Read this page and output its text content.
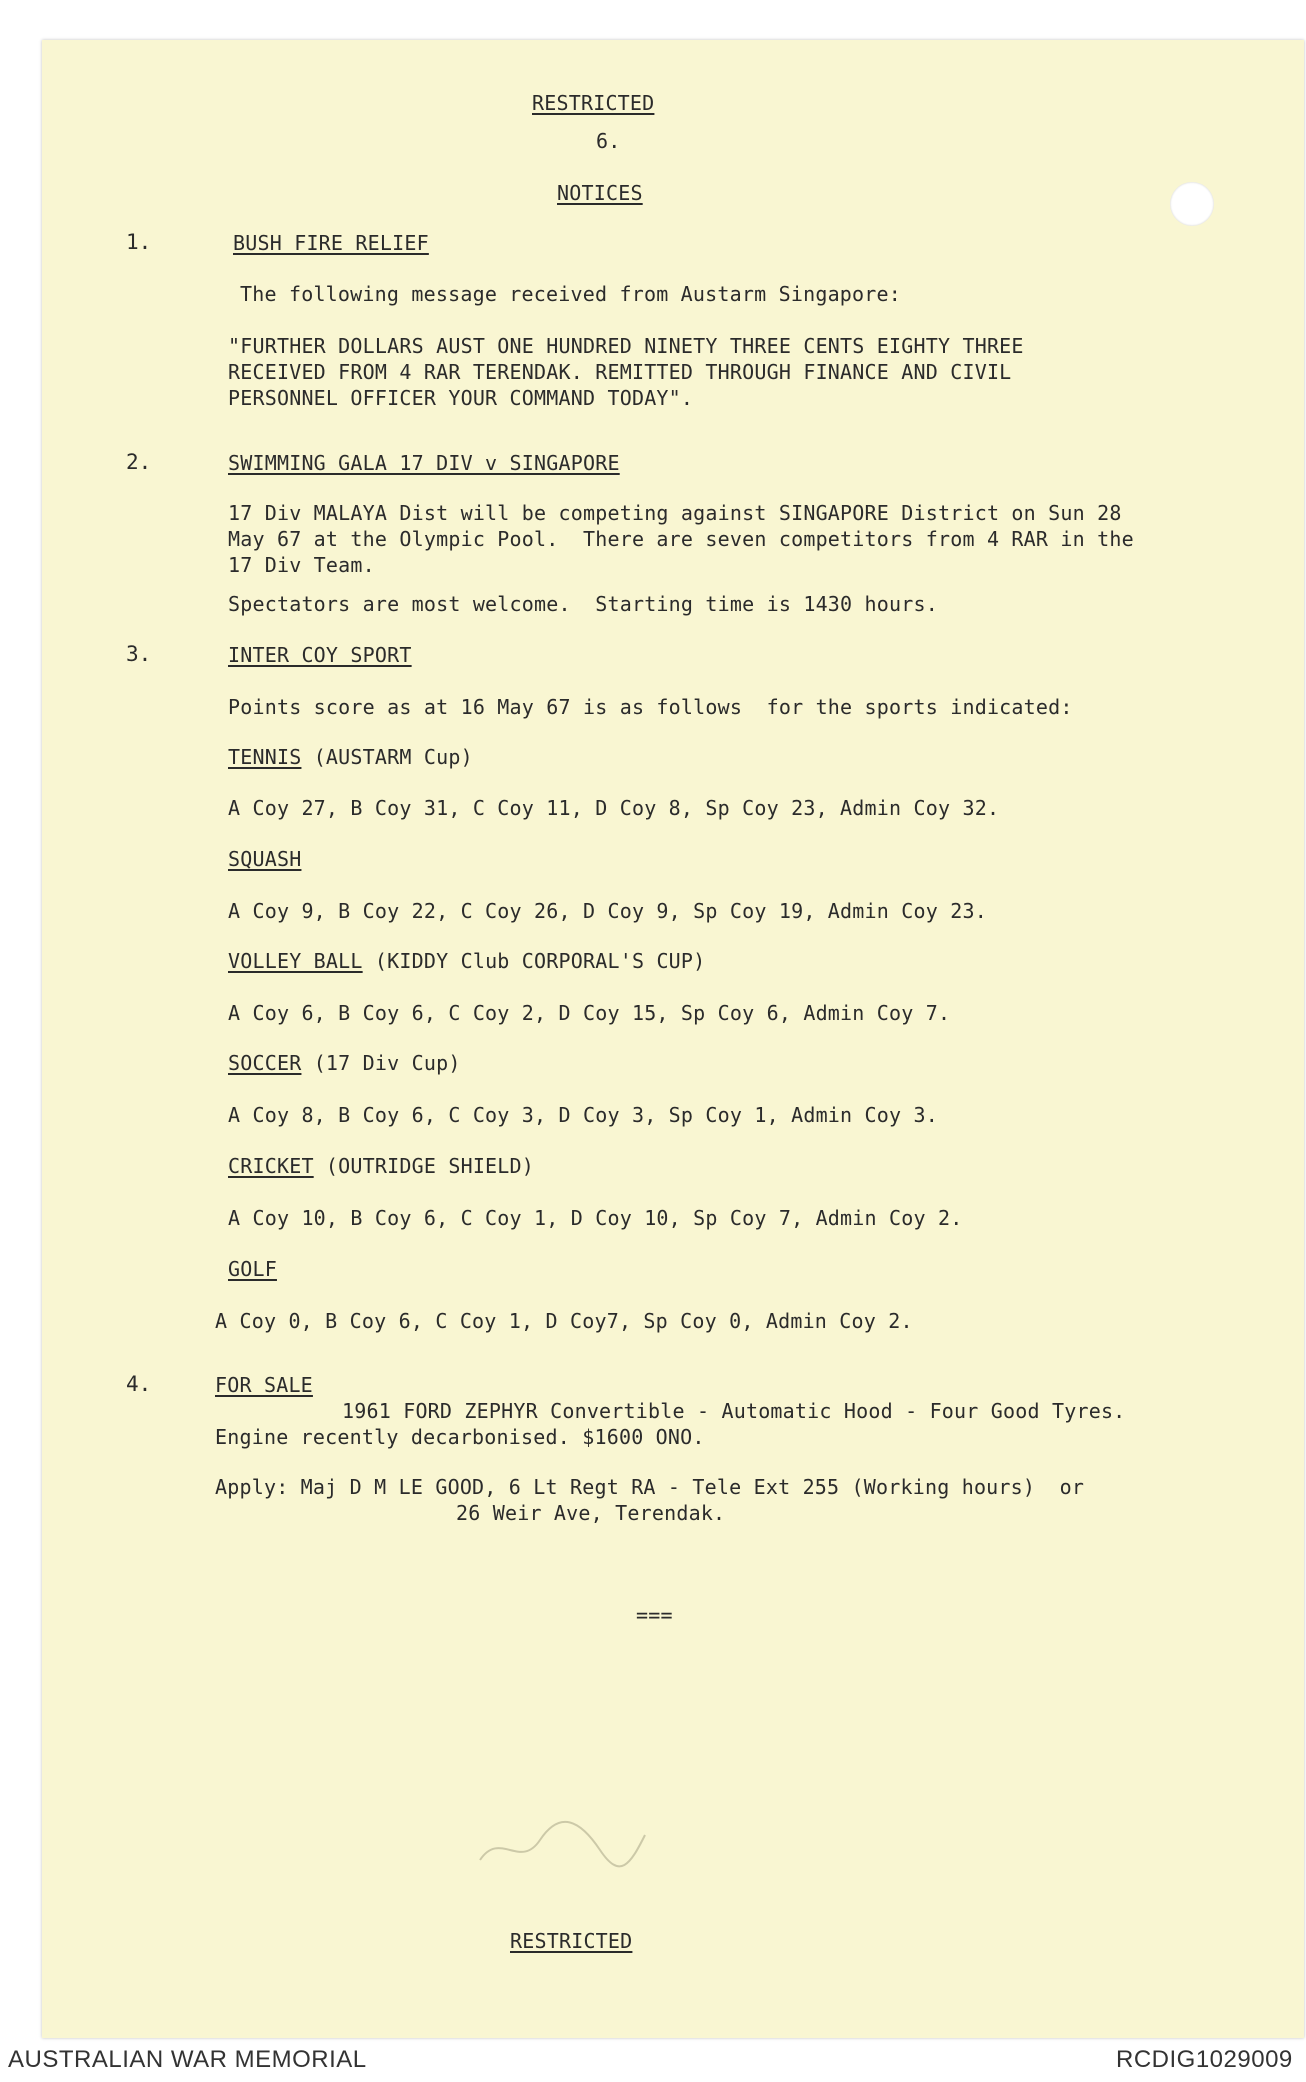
RESTRICTED
6.
NOTICES
1.	BUSH FIRE RELIEF
The following message received from Austarm Singapore:
"FURTHER DOLLARS AUST ONE HUNDRED NINETY THREE CENTS EIGHTY THREE
RECEIVED FROM 4 RAR TERENDAK. REMITTED THROUGH FINANCE AND CIVIL
PERSONNEL OFFICER YOUR COMMAND TODAY".
2.	SWIMMING GALA 17 DIV v SINGAPORE
17 Div MALAYA Dist will be competing against SINGAPORE District on Sun 28
May 67 at the Olympic Pool.  There are seven competitors from 4 RAR in the
17 Div Team.
Spectators are most welcome.  Starting time is 1430 hours.
3.	INTER COY SPORT
Points score as at 16 May 67 is as follows  for the sports indicated:
TENNIS (AUSTARM Cup)
A Coy 27, B Coy 31, C Coy 11, D Coy 8, Sp Coy 23, Admin Coy 32.
SQUASH
A Coy 9, B Coy 22, C Coy 26, D Coy 9, Sp Coy 19, Admin Coy 23.
VOLLEY BALL (KIDDY Club CORPORAL'S CUP)
A Coy 6, B Coy 6, C Coy 2, D Coy 15, Sp Coy 6, Admin Coy 7.
SOCCER (17 Div Cup)
A Coy 8, B Coy 6, C Coy 3, D Coy 3, Sp Coy 1, Admin Coy 3.
CRICKET (OUTRIDGE SHIELD)
A Coy 10, B Coy 6, C Coy 1, D Coy 10, Sp Coy 7, Admin Coy 2.
GOLF
A Coy 0, B Coy 6, C Coy 1, D Coy7, Sp Coy 0, Admin Coy 2.
4.	FOR SALE
1961 FORD ZEPHYR Convertible - Automatic Hood - Four Good Tyres.
Engine recently decarbonised. $1600 ONO.
Apply: Maj D M LE GOOD, 6 Lt Regt RA - Tele Ext 255 (Working hours)  or
26 Weir Ave, Terendak.
===
RESTRICTED
AUSTRALIAN WAR MEMORIAL	RCDIG1029009
